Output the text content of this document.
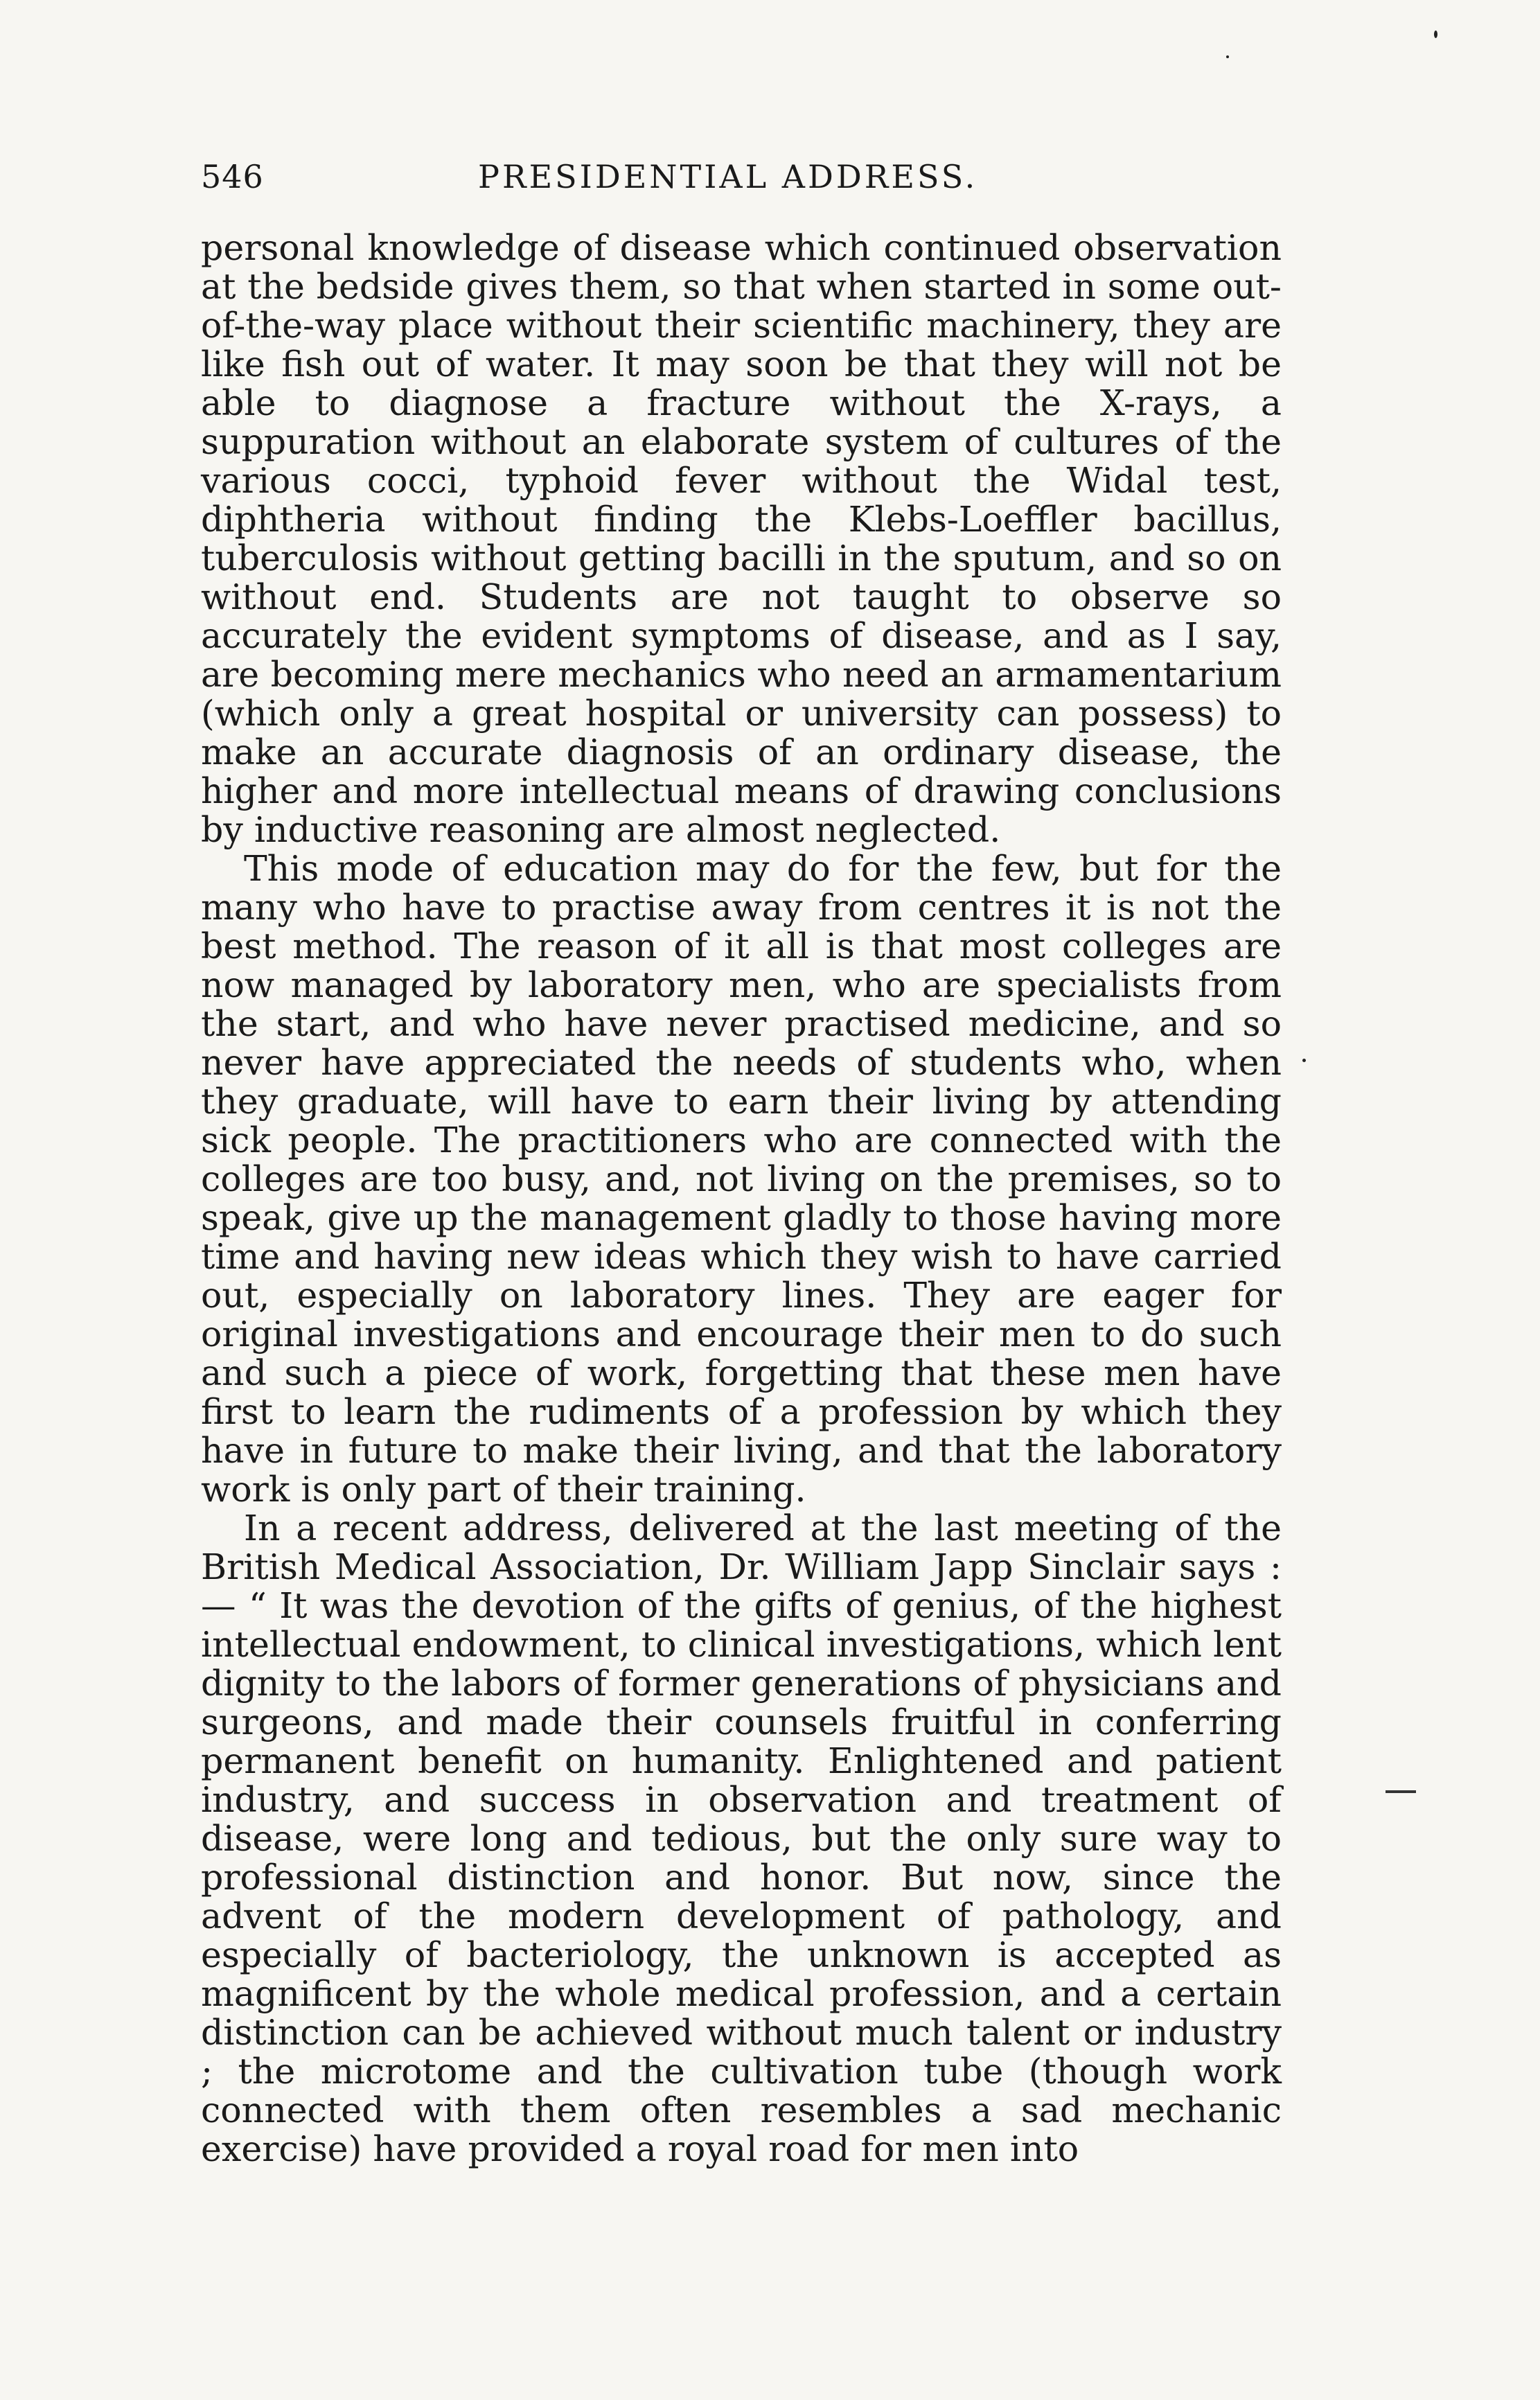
546	PRESIDENTIAL ADDRESS.

personal knowledge of disease which continued observation at the bedside gives them, so that when started in some out-of-the-way place without their scientific machinery, they are like fish out of water. It may soon be that they will not be able to diagnose a fracture without the X-rays, a suppuration without an elaborate system of cultures of the various cocci, typhoid fever without the Widal test, diphtheria without finding the Klebs-Loeffler bacillus, tuberculosis without getting bacilli in the sputum, and so on without end. Students are not taught to observe so accurately the evident symptoms of disease, and as I say, are becoming mere mechanics who need an armamentarium (which only a great hospital or university can possess) to make an accurate diagnosis of an ordinary disease, the higher and more intellectual means of drawing conclusions by inductive reasoning are almost neglected.

This mode of education may do for the few, but for the many who have to practise away from centres it is not the best method. The reason of it all is that most colleges are now managed by laboratory men, who are specialists from the start, and who have never practised medicine, and so never have appreciated the needs of students who, when they graduate, will have to earn their living by attending sick people. The practitioners who are connected with the colleges are too busy, and, not living on the premises, so to speak, give up the management gladly to those having more time and having new ideas which they wish to have carried out, especially on laboratory lines. They are eager for original investigations and encourage their men to do such and such a piece of work, forgetting that these men have first to learn the rudiments of a profession by which they have in future to make their living, and that the laboratory work is only part of their training.

In a recent address, delivered at the last meeting of the British Medical Association, Dr. William Japp Sinclair says :— “ It was the devotion of the gifts of genius, of the highest intellectual endowment, to clinical investigations, which lent dignity to the labors of former generations of physicians and surgeons, and made their counsels fruitful in conferring permanent benefit on humanity. Enlightened and patient industry, and success in observation and treatment of disease, were long and tedious, but the only sure way to professional distinction and honor. But now, since the advent of the modern development of pathology, and especially of bacteriology, the unknown is accepted as magnificent by the whole medical profession, and a certain distinction can be achieved without much talent or industry ; the microtome and the cultivation tube (though work connected with them often resembles a sad mechanic exercise) have provided a royal road for men into
